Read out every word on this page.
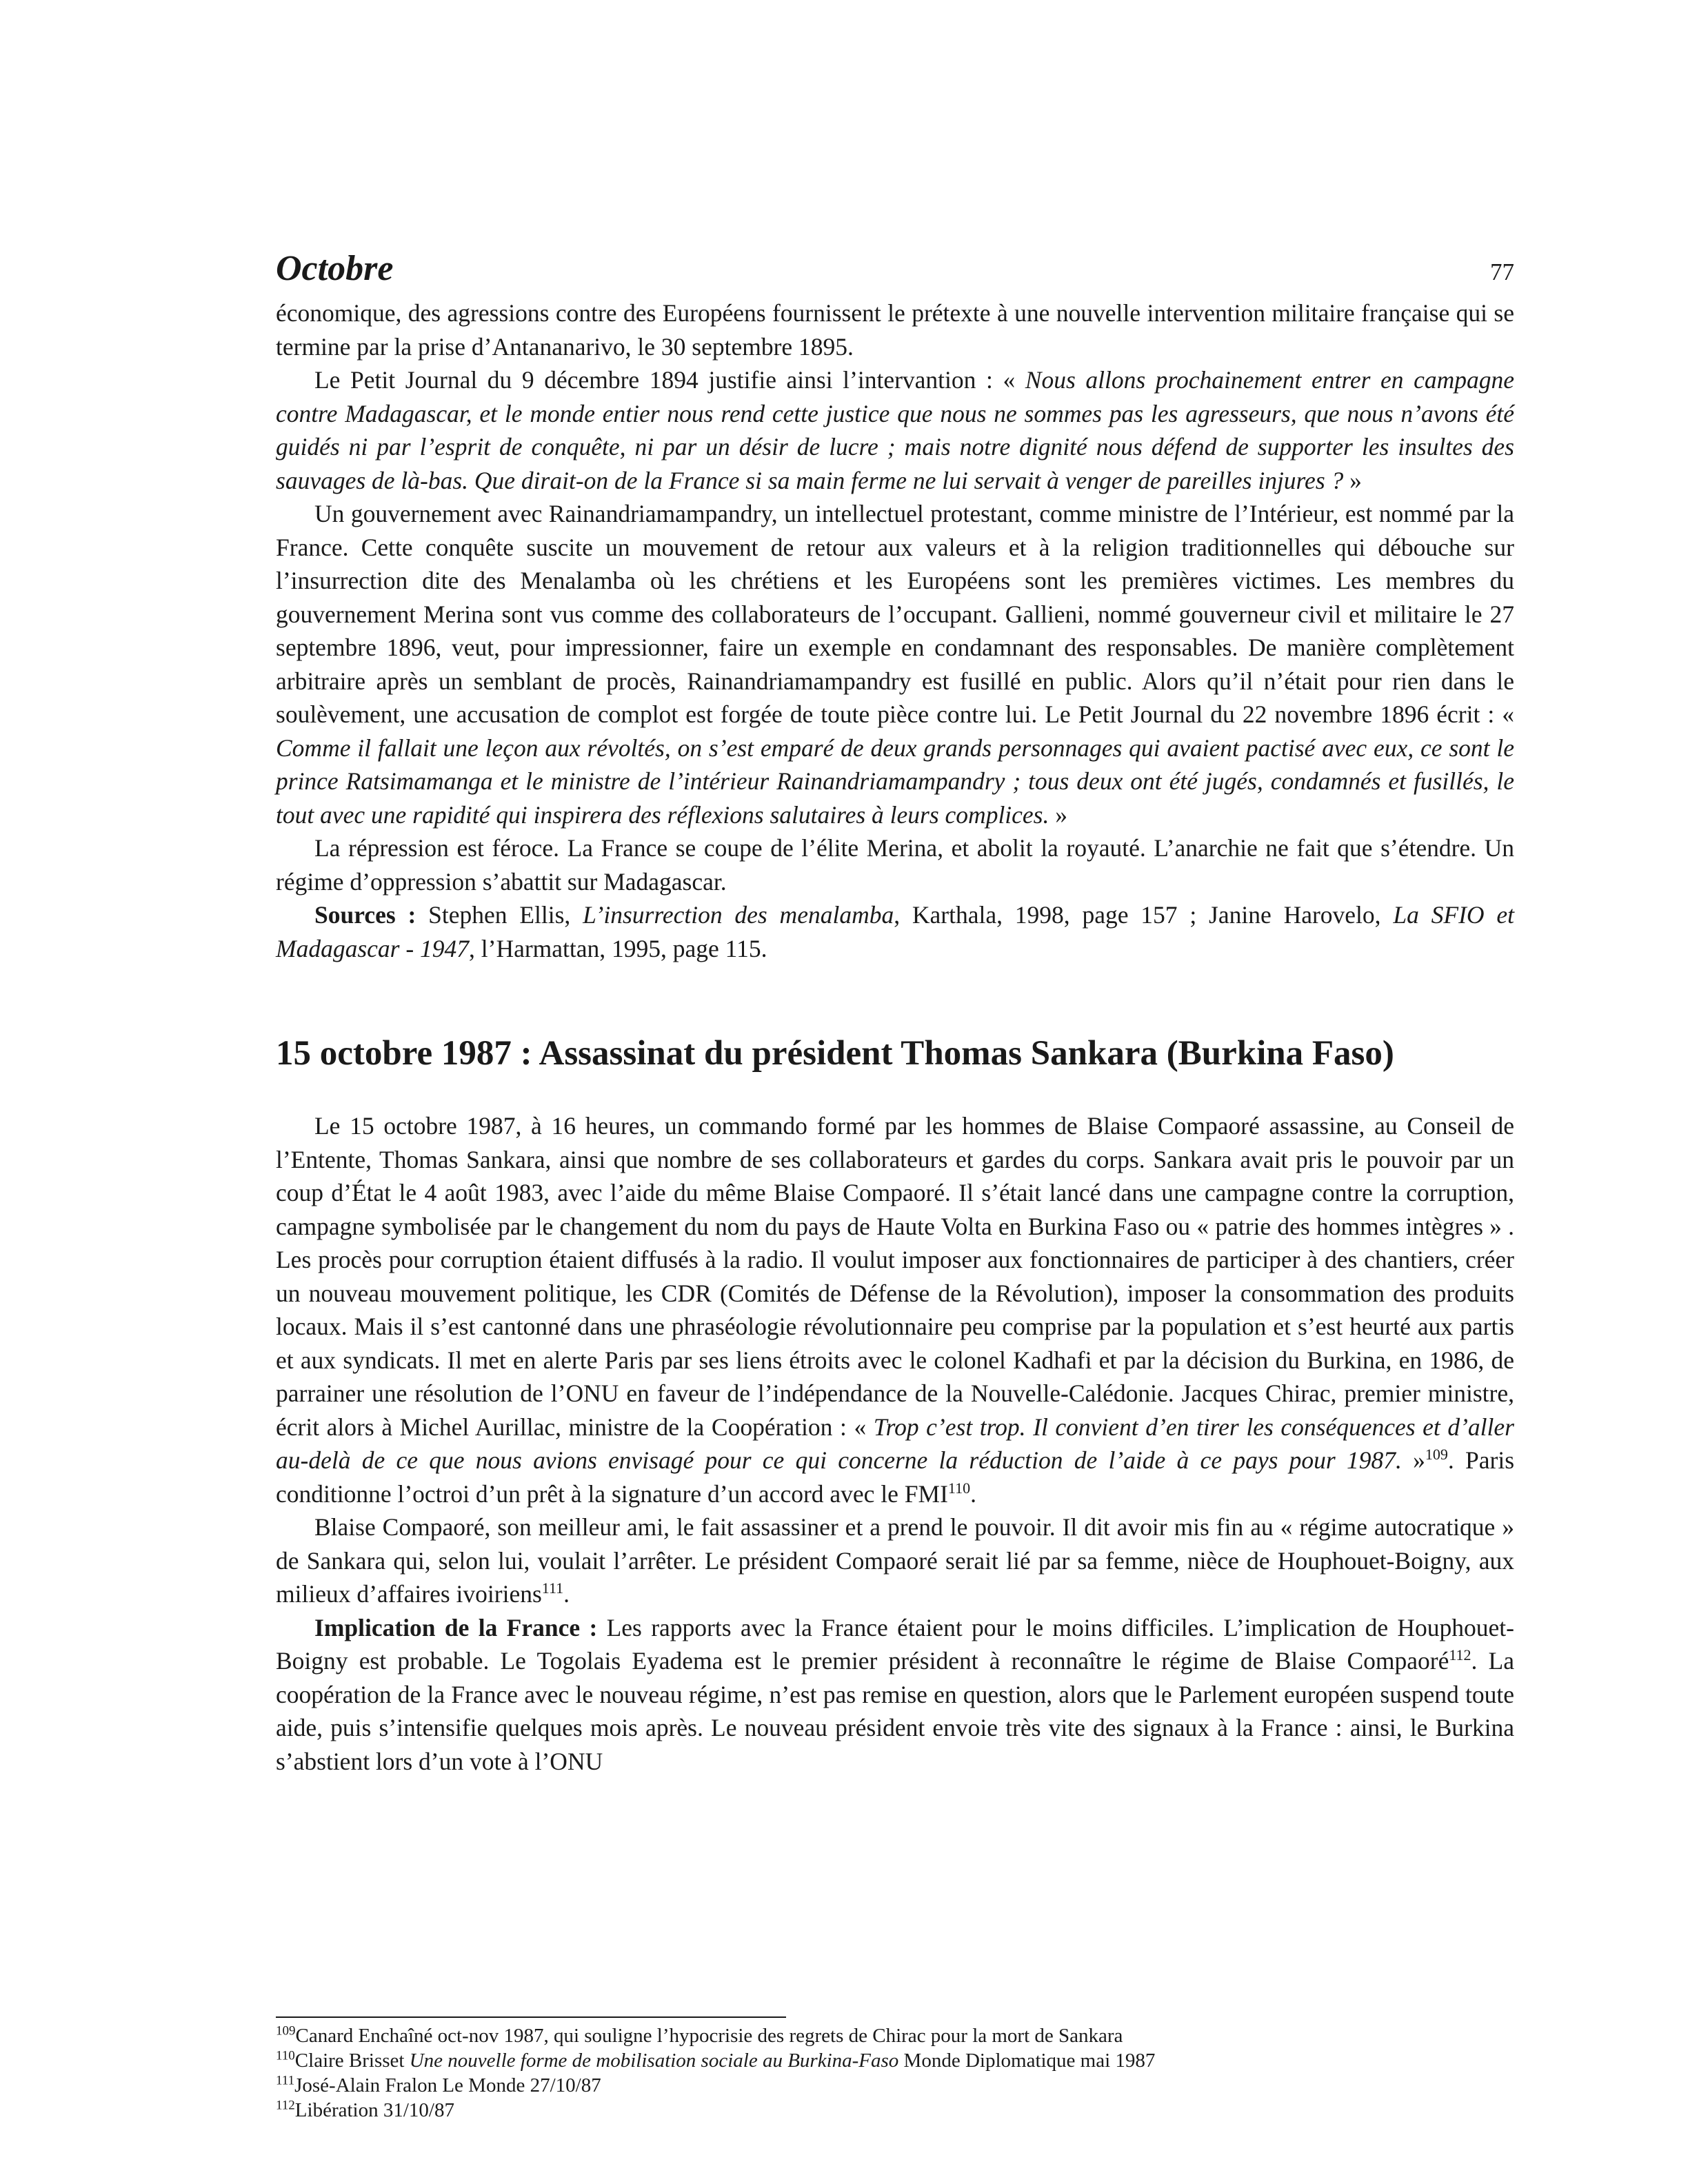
Octobre	77

économique, des agressions contre des Européens fournissent le prétexte à une nouvelle intervention militaire française qui se termine par la prise d’Antananarivo, le 30 septembre 1895.

Le Petit Journal du 9 décembre 1894 justifie ainsi l’intervantion : « Nous allons prochainement entrer en campagne contre Madagascar, et le monde entier nous rend cette justice que nous ne sommes pas les agresseurs, que nous n’avons été guidés ni par l’esprit de conquête, ni par un désir de lucre ; mais notre dignité nous défend de supporter les insultes des sauvages de là-bas. Que dirait-on de la France si sa main ferme ne lui servait à venger de pareilles injures ? »

Un gouvernement avec Rainandriamampandry, un intellectuel protestant, comme ministre de l’Intérieur, est nommé par la France. Cette conquête suscite un mouvement de retour aux valeurs et à la religion traditionnelles qui débouche sur l’insurrection dite des Menalamba où les chrétiens et les Européens sont les premières victimes. Les membres du gouvernement Merina sont vus comme des collaborateurs de l’occupant. Gallieni, nommé gouverneur civil et militaire le 27 septembre 1896, veut, pour impressionner, faire un exemple en condamnant des responsables. De manière complètement arbitraire après un semblant de procès, Rainandriamampandry est fusillé en public. Alors qu’il n’était pour rien dans le soulèvement, une accusation de complot est forgée de toute pièce contre lui. Le Petit Journal du 22 novembre 1896 écrit : « Comme il fallait une leçon aux révoltés, on s’est emparé de deux grands personnages qui avaient pactisé avec eux, ce sont le prince Ratsimamanga et le ministre de l’intérieur Rainandriamampandry ; tous deux ont été jugés, condamnés et fusillés, le tout avec une rapidité qui inspirera des réflexions salutaires à leurs complices. »

La répression est féroce. La France se coupe de l’élite Merina, et abolit la royauté. L’anarchie ne fait que s’étendre. Un régime d’oppression s’abattit sur Madagascar.

Sources : Stephen Ellis, L’insurrection des menalamba, Karthala, 1998, page 157 ; Janine Harovelo, La SFIO et Madagascar - 1947, l’Harmattan, 1995, page 115.

15 octobre 1987 : Assassinat du président Thomas Sankara (Burkina Faso)

Le 15 octobre 1987, à 16 heures, un commando formé par les hommes de Blaise Compaoré assassine, au Conseil de l’Entente, Thomas Sankara, ainsi que nombre de ses collaborateurs et gardes du corps. Sankara avait pris le pouvoir par un coup d’État le 4 août 1983, avec l’aide du même Blaise Compaoré. Il s’était lancé dans une campagne contre la corruption, campagne symbolisée par le changement du nom du pays de Haute Volta en Burkina Faso ou « patrie des hommes intègres » . Les procès pour corruption étaient diffusés à la radio. Il voulut imposer aux fonctionnaires de participer à des chantiers, créer un nouveau mouvement politique, les CDR (Comités de Défense de la Révolution), imposer la consommation des produits locaux. Mais il s’est cantonné dans une phraséologie révolutionnaire peu comprise par la population et s’est heurté aux partis et aux syndicats. Il met en alerte Paris par ses liens étroits avec le colonel Kadhafi et par la décision du Burkina, en 1986, de parrainer une résolution de l’ONU en faveur de l’indépendance de la Nouvelle-Calédonie. Jacques Chirac, premier ministre, écrit alors à Michel Aurillac, ministre de la Coopération : « Trop c’est trop. Il convient d’en tirer les conséquences et d’aller au-delà de ce que nous avions envisagé pour ce qui concerne la réduction de l’aide à ce pays pour 1987. »$^{109}$. Paris conditionne l’octroi d’un prêt à la signature d’un accord avec le FMI$^{110}$.

Blaise Compaoré, son meilleur ami, le fait assassiner et a prend le pouvoir. Il dit avoir mis fin au « régime autocratique » de Sankara qui, selon lui, voulait l’arrêter. Le président Compaoré serait lié par sa femme, nièce de Houphouet-Boigny, aux milieux d’affaires ivoiriens$^{111}$.

Implication de la France : Les rapports avec la France étaient pour le moins difficiles. L’implication de Houphouet-Boigny est probable. Le Togolais Eyadema est le premier président à reconnaître le régime de Blaise Compaoré$^{112}$. La coopération de la France avec le nouveau régime, n’est pas remise en question, alors que le Parlement européen suspend toute aide, puis s’intensifie quelques mois après. Le nouveau président envoie très vite des signaux à la France : ainsi, le Burkina s’abstient lors d’un vote à l’ONU

$^{109}$Canard Enchaîné oct-nov 1987, qui souligne l’hypocrisie des regrets de Chirac pour la mort de Sankara

$^{110}$Claire Brisset Une nouvelle forme de mobilisation sociale au Burkina-Faso Monde Diplomatique mai 1987

$^{111}$José-Alain Fralon Le Monde 27/10/87

$^{112}$Libération 31/10/87
